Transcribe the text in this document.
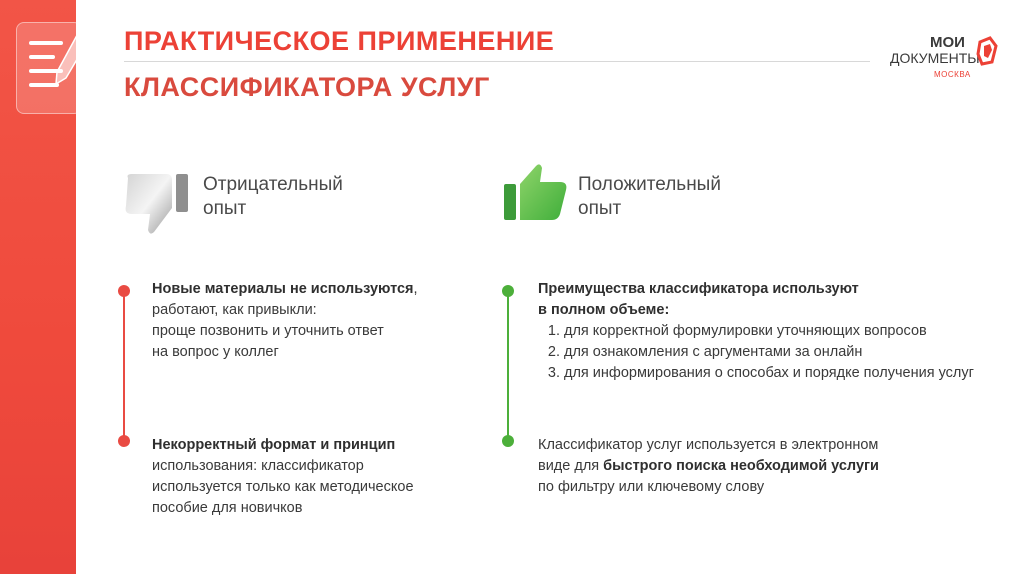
ПРАКТИЧЕСКОЕ ПРИМЕНЕНИЕ
КЛАССИФИКАТОРА УСЛУГ
МОИ
ДОКУМЕНТЫ
МОСКВА
Отрицательный
опыт
Новые материалы не используются,
работают, как привыкли:
проще позвонить и уточнить ответ
на вопрос у коллег
Некорректный формат и принцип
использования: классификатор
используется только как методическое
пособие для новичков
Положительный
опыт
Преимущества классификатора используют
в полном объеме:
1. для корректной формулировки уточняющих вопросов
2. для ознакомления с аргументами за онлайн
3. для информирования о способах и порядке получения услуг
Классификатор услуг используется в электронном
виде для быстрого поиска необходимой услуги
по фильтру или ключевому слову
